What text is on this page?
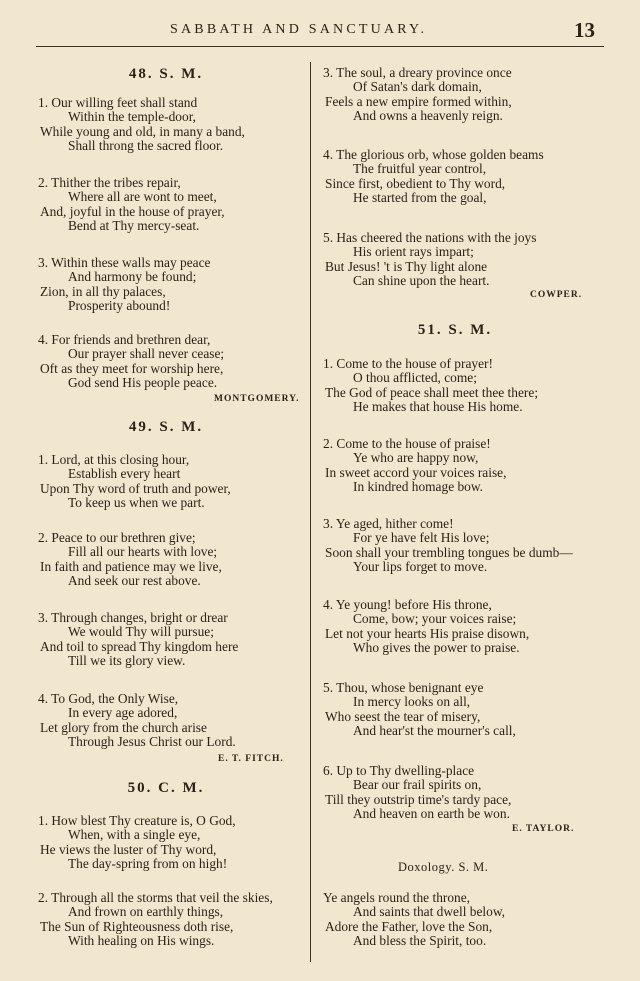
SABBATH AND SANCTUARY.	13
48. S. M.
1. Our willing feet shall stand
Within the temple-door,
While young and old, in many a band,
Shall throng the sacred floor.
2. Thither the tribes repair,
Where all are wont to meet,
And, joyful in the house of prayer,
Bend at Thy mercy-seat.
3. Within these walls may peace
And harmony be found;
Zion, in all thy palaces,
Prosperity abound!
4. For friends and brethren dear,
Our prayer shall never cease;
Oft as they meet for worship here,
God send His people peace.
MONTGOMERY.
49. S. M.
1. Lord, at this closing hour,
Establish every heart
Upon Thy word of truth and power,
To keep us when we part.
2. Peace to our brethren give;
Fill all our hearts with love;
In faith and patience may we live,
And seek our rest above.
3. Through changes, bright or drear
We would Thy will pursue;
And toil to spread Thy kingdom here
Till we its glory view.
4. To God, the Only Wise,
In every age adored,
Let glory from the church arise
Through Jesus Christ our Lord.
E. T. FITCH.
50. C. M.
1. How blest Thy creature is, O God,
When, with a single eye,
He views the luster of Thy word,
The day-spring from on high!
2. Through all the storms that veil the skies,
And frown on earthly things,
The Sun of Righteousness doth rise,
With healing on His wings.
3. The soul, a dreary province once
Of Satan's dark domain,
Feels a new empire formed within,
And owns a heavenly reign.
4. The glorious orb, whose golden beams
The fruitful year control,
Since first, obedient to Thy word,
He started from the goal,
5. Has cheered the nations with the joys
His orient rays impart;
But Jesus! 't is Thy light alone
Can shine upon the heart.
COWPER.
51. S. M.
1. Come to the house of prayer!
O thou afflicted, come;
The God of peace shall meet thee there;
He makes that house His home.
2. Come to the house of praise!
Ye who are happy now,
In sweet accord your voices raise,
In kindred homage bow.
3. Ye aged, hither come!
For ye have felt His love;
Soon shall your trembling tongues be dumb—
Your lips forget to move.
4. Ye young! before His throne,
Come, bow; your voices raise;
Let not your hearts His praise disown,
Who gives the power to praise.
5. Thou, whose benignant eye
In mercy looks on all,
Who seest the tear of misery,
And hear'st the mourner's call,
6. Up to Thy dwelling-place
Bear our frail spirits on,
Till they outstrip time's tardy pace,
And heaven on earth be won.
E. TAYLOR.
Doxology. S. M.
Ye angels round the throne,
And saints that dwell below,
Adore the Father, love the Son,
And bless the Spirit, too.
